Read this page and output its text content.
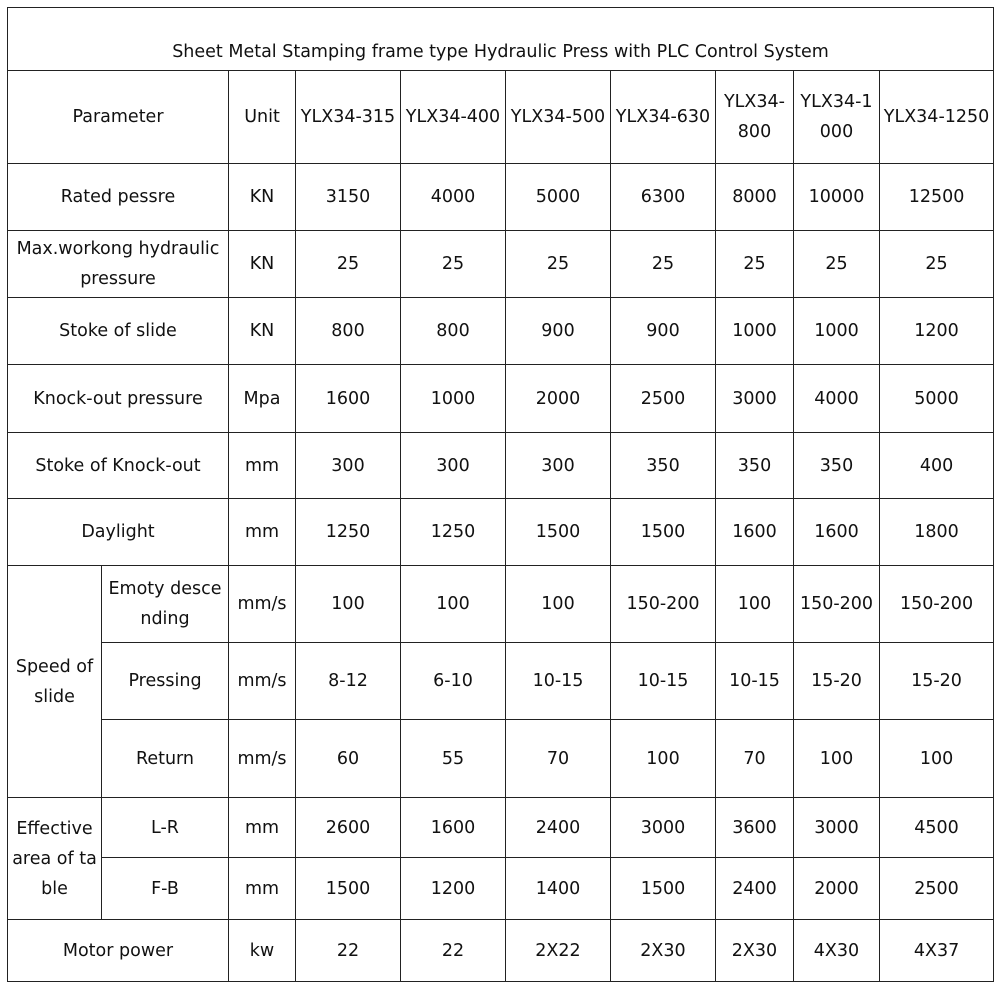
Sheet Metal Stamping frame type Hydraulic Press with PLC Control System									
Parameter		Unit	YLX34-315	YLX34-400	YLX34-500	YLX34-630	YLX34-800	YLX34-1000	YLX34-1250
Rated pessre		KN	3150	4000	5000	6300	8000	10000	12500
Max.workong hydraulic pressure		KN	25	25	25	25	25	25	25
Stoke of slide		KN	800	800	900	900	1000	1000	1200
Knock-out pressure		Mpa	1600	1000	2000	2500	3000	4000	5000
Stoke of Knock-out		mm	300	300	300	350	350	350	400
Daylight		mm	1250	1250	1500	1500	1600	1600	1800
Speed of slide	Emoty descending	mm/s	100	100	100	150-200	100	150-200	150-200
	Pressing	mm/s	8-12	6-10	10-15	10-15	10-15	15-20	15-20
	Return	mm/s	60	55	70	100	70	100	100
Effective area of table	L-R	mm	2600	1600	2400	3000	3600	3000	4500
	F-B	mm	1500	1200	1400	1500	2400	2000	2500
Motor power		kw	22	22	2X22	2X30	2X30	4X30	4X37
